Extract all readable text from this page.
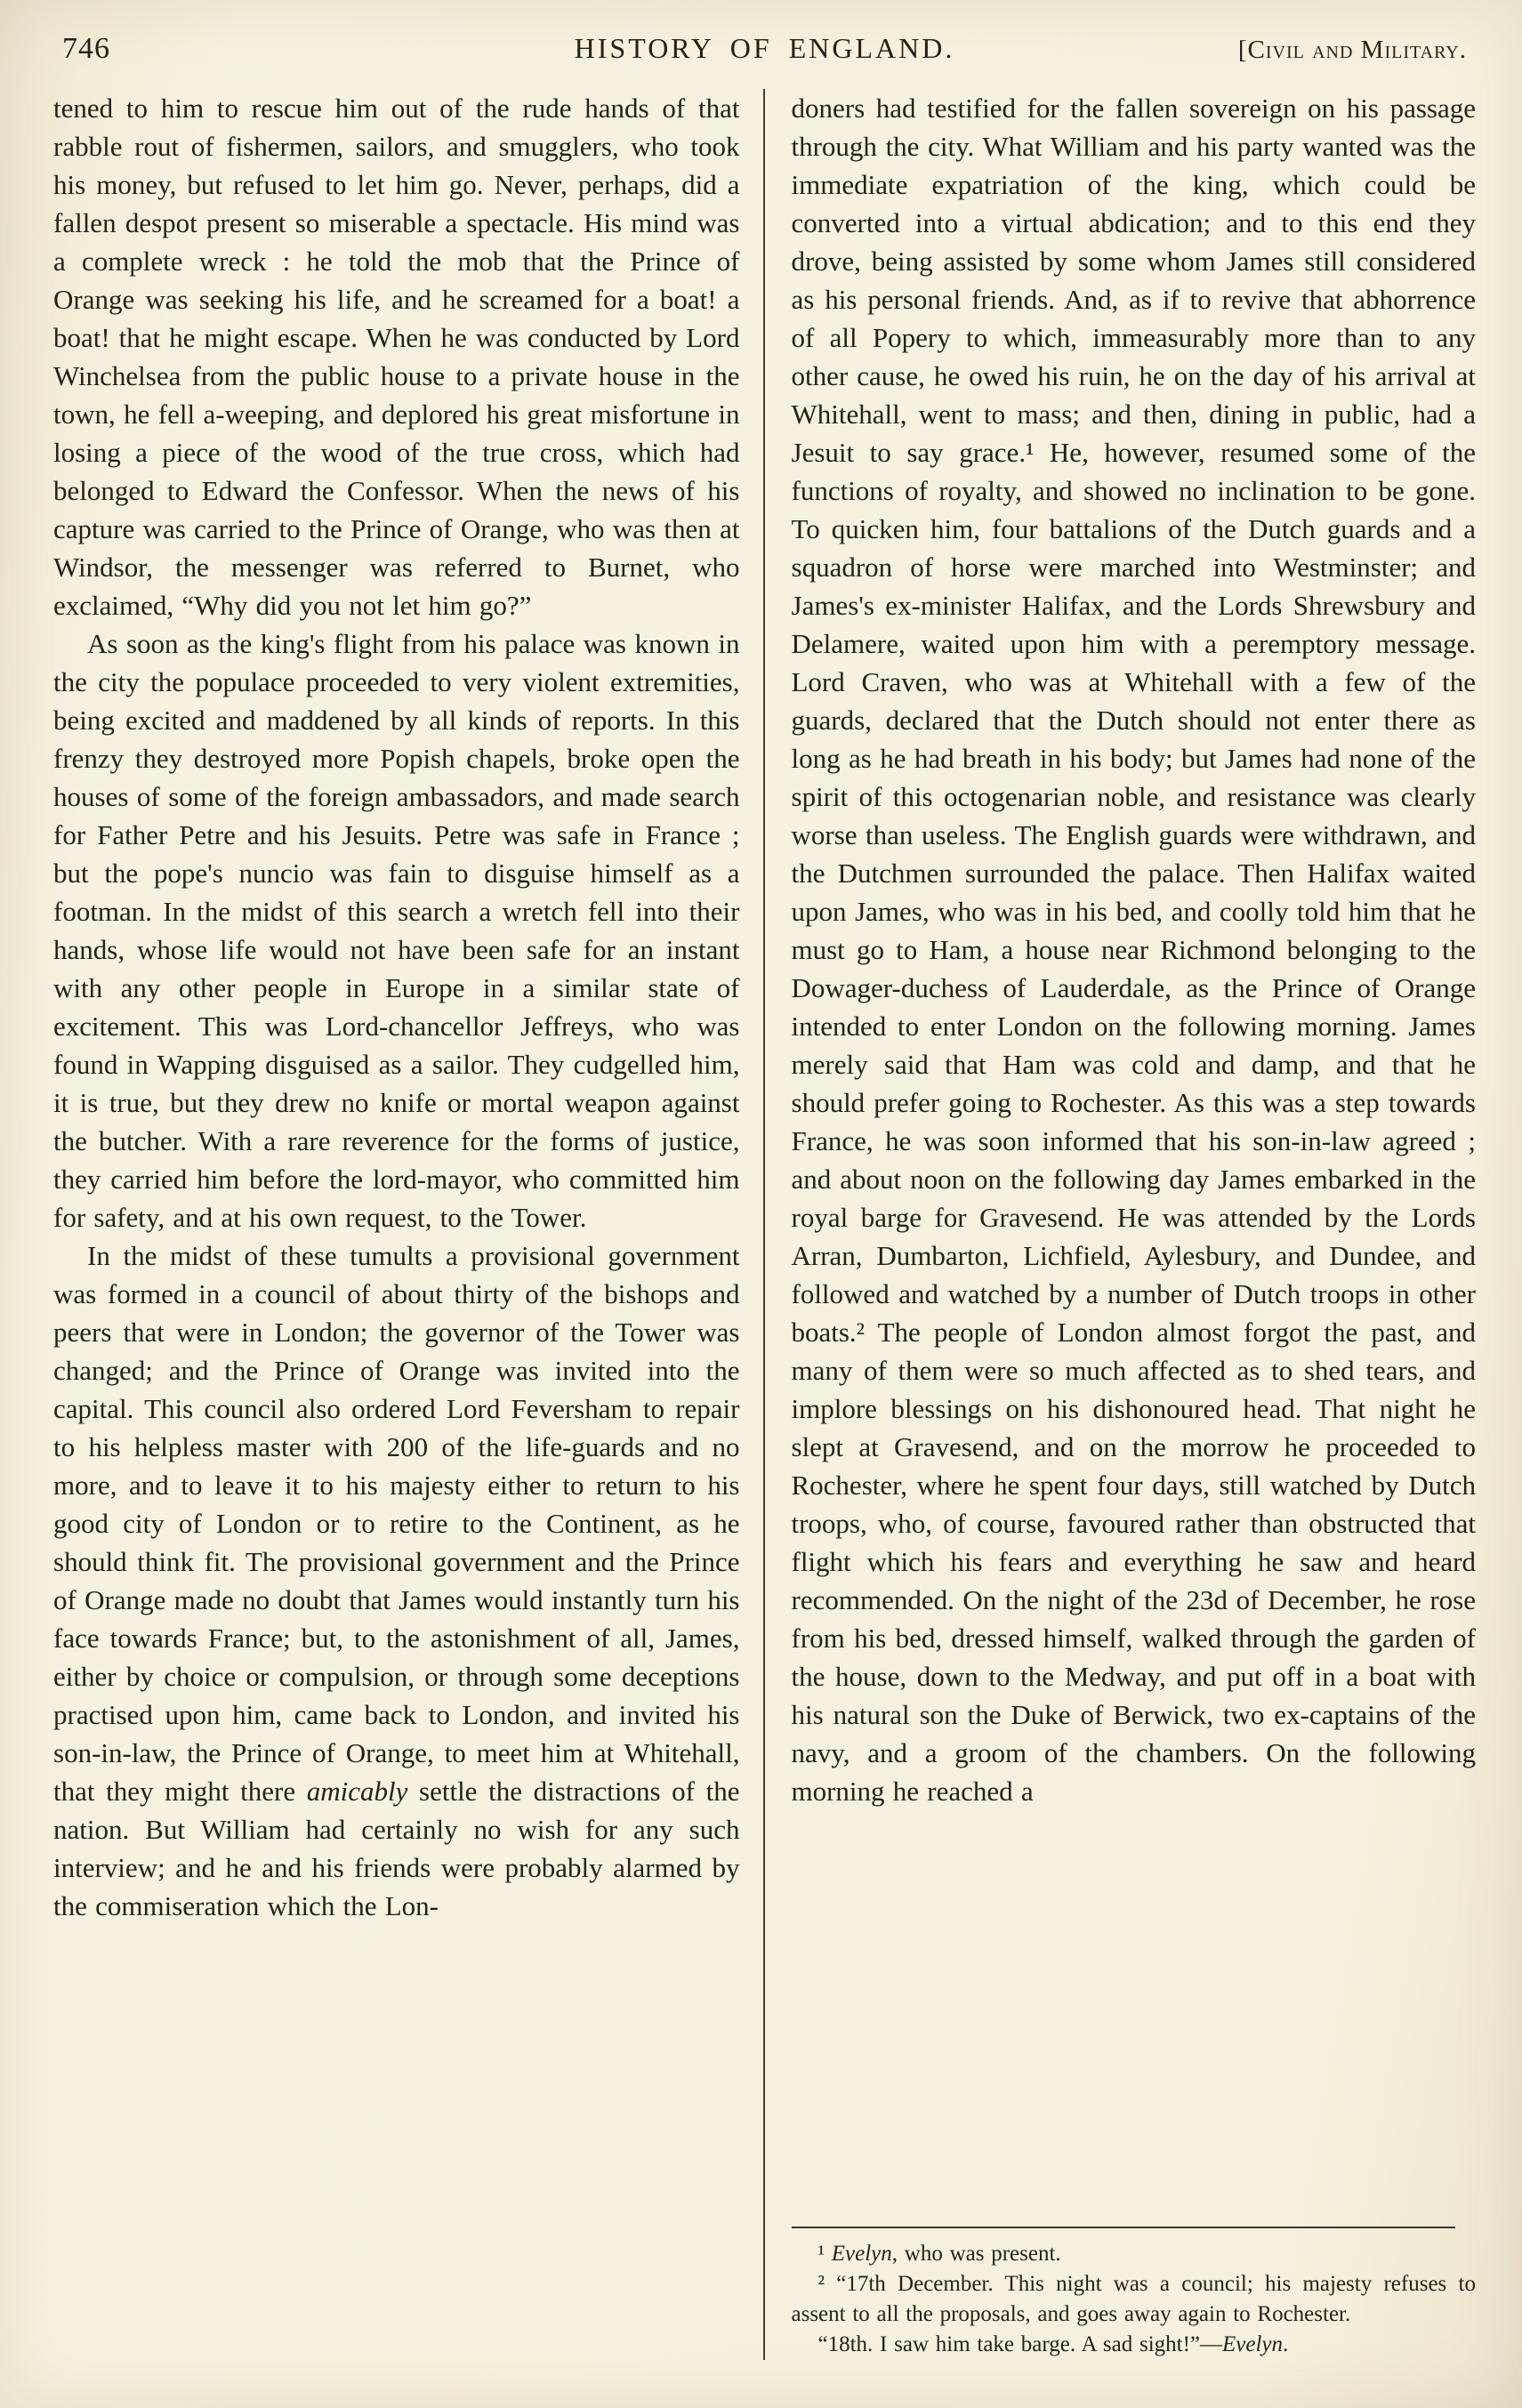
746	HISTORY OF ENGLAND.	[Civil and Military.

tened to him to rescue him out of the rude hands of that rabble rout of fishermen, sailors, and smugglers, who took his money, but refused to let him go. Never, perhaps, did a fallen despot present so miserable a spectacle. His mind was a complete wreck : he told the mob that the Prince of Orange was seeking his life, and he screamed for a boat! a boat! that he might escape. When he was conducted by Lord Winchelsea from the public house to a private house in the town, he fell a-weeping, and deplored his great misfortune in losing a piece of the wood of the true cross, which had belonged to Edward the Confessor. When the news of his capture was carried to the Prince of Orange, who was then at Windsor, the messenger was referred to Burnet, who exclaimed, “Why did you not let him go?”

As soon as the king's flight from his palace was known in the city the populace proceeded to very violent extremities, being excited and maddened by all kinds of reports. In this frenzy they destroyed more Popish chapels, broke open the houses of some of the foreign ambassadors, and made search for Father Petre and his Jesuits. Petre was safe in France ; but the pope's nuncio was fain to disguise himself as a footman. In the midst of this search a wretch fell into their hands, whose life would not have been safe for an instant with any other people in Europe in a similar state of excitement. This was Lord-chancellor Jeffreys, who was found in Wapping disguised as a sailor. They cudgelled him, it is true, but they drew no knife or mortal weapon against the butcher. With a rare reverence for the forms of justice, they carried him before the lord-mayor, who committed him for safety, and at his own request, to the Tower.

In the midst of these tumults a provisional government was formed in a council of about thirty of the bishops and peers that were in London; the governor of the Tower was changed; and the Prince of Orange was invited into the capital. This council also ordered Lord Feversham to repair to his helpless master with 200 of the life-guards and no more, and to leave it to his majesty either to return to his good city of London or to retire to the Continent, as he should think fit. The provisional government and the Prince of Orange made no doubt that James would instantly turn his face towards France; but, to the astonishment of all, James, either by choice or compulsion, or through some deceptions practised upon him, came back to London, and invited his son-in-law, the Prince of Orange, to meet him at Whitehall, that they might there amicably settle the distractions of the nation. But William had certainly no wish for any such interview; and he and his friends were probably alarmed by the commiseration which the Lon-

doners had testified for the fallen sovereign on his passage through the city. What William and his party wanted was the immediate expatriation of the king, which could be converted into a virtual abdication; and to this end they drove, being assisted by some whom James still considered as his personal friends. And, as if to revive that abhorrence of all Popery to which, immeasurably more than to any other cause, he owed his ruin, he on the day of his arrival at Whitehall, went to mass; and then, dining in public, had a Jesuit to say grace.¹ He, however, resumed some of the functions of royalty, and showed no inclination to be gone. To quicken him, four battalions of the Dutch guards and a squadron of horse were marched into Westminster; and James's ex-minister Halifax, and the Lords Shrewsbury and Delamere, waited upon him with a peremptory message. Lord Craven, who was at Whitehall with a few of the guards, declared that the Dutch should not enter there as long as he had breath in his body; but James had none of the spirit of this octogenarian noble, and resistance was clearly worse than useless. The English guards were withdrawn, and the Dutchmen surrounded the palace. Then Halifax waited upon James, who was in his bed, and coolly told him that he must go to Ham, a house near Richmond belonging to the Dowager-duchess of Lauderdale, as the Prince of Orange intended to enter London on the following morning. James merely said that Ham was cold and damp, and that he should prefer going to Rochester. As this was a step towards France, he was soon informed that his son-in-law agreed ; and about noon on the following day James embarked in the royal barge for Gravesend. He was attended by the Lords Arran, Dumbarton, Lichfield, Aylesbury, and Dundee, and followed and watched by a number of Dutch troops in other boats.² The people of London almost forgot the past, and many of them were so much affected as to shed tears, and implore blessings on his dishonoured head. That night he slept at Gravesend, and on the morrow he proceeded to Rochester, where he spent four days, still watched by Dutch troops, who, of course, favoured rather than obstructed that flight which his fears and everything he saw and heard recommended. On the night of the 23d of December, he rose from his bed, dressed himself, walked through the garden of the house, down to the Medway, and put off in a boat with his natural son the Duke of Berwick, two ex-captains of the navy, and a groom of the chambers. On the following morning he reached a

¹ Evelyn, who was present.

² “17th December. This night was a council; his majesty refuses to assent to all the proposals, and goes away again to Rochester.

“18th. I saw him take barge. A sad sight!”—Evelyn.
